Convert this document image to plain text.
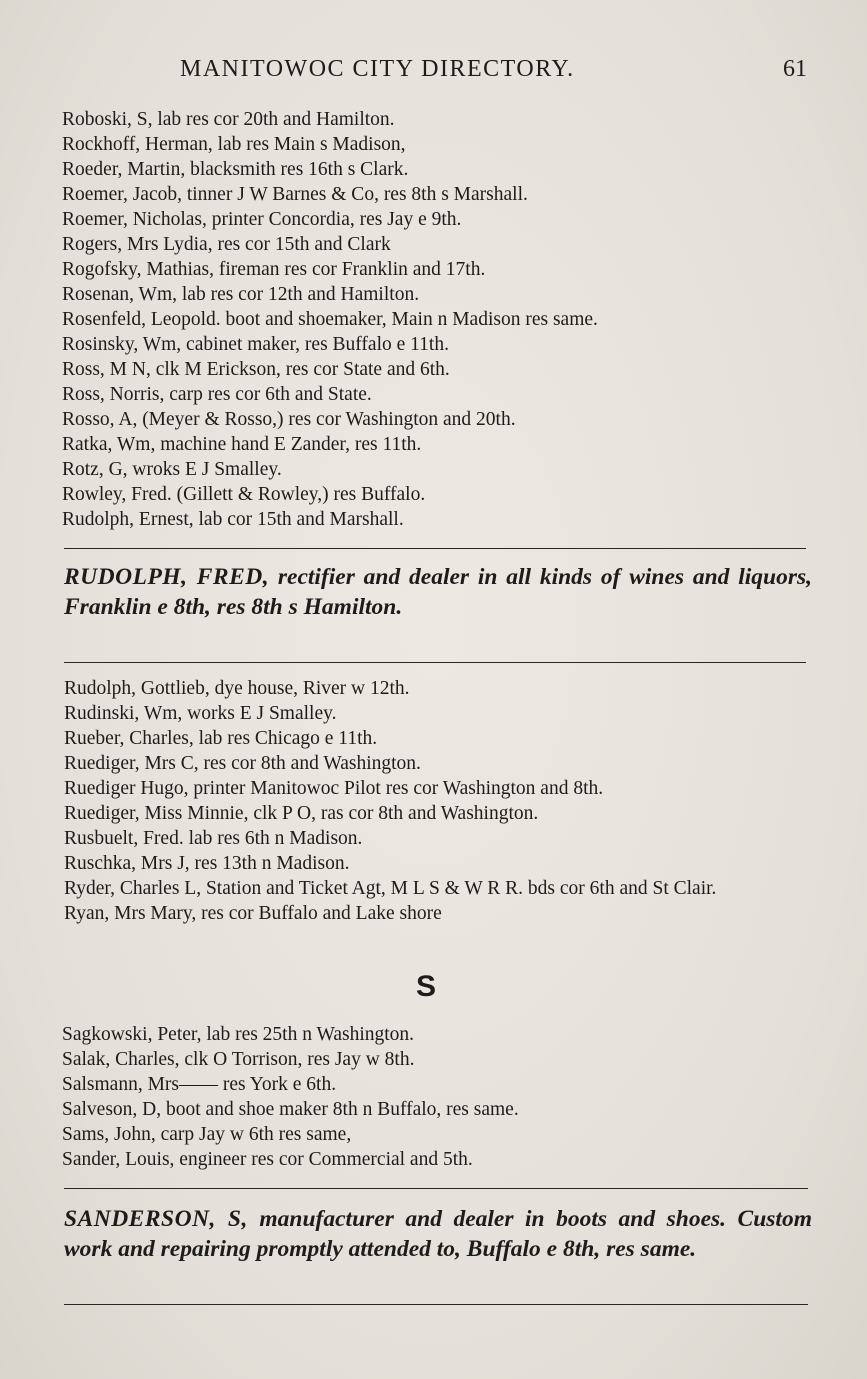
MANITOWOC CITY DIRECTORY.	61
Roboski, S, lab res cor 20th and Hamilton.
Rockhoff, Herman, lab res Main s Madison,
Roeder, Martin, blacksmith res 16th s Clark.
Roemer, Jacob, tinner J W Barnes & Co, res 8th s Marshall.
Roemer, Nicholas, printer Concordia, res Jay e 9th.
Rogers, Mrs Lydia, res cor 15th and Clark
Rogofsky, Mathias, fireman res cor Franklin and 17th.
Rosenan, Wm, lab res cor 12th and Hamilton.
Rosenfeld, Leopold. boot and shoemaker, Main n Madison res same.
Rosinsky, Wm, cabinet maker, res Buffalo e 11th.
Ross, M N, clk M Erickson, res cor State and 6th.
Ross, Norris, carp res cor 6th and State.
Rosso, A, (Meyer & Rosso,) res cor Washington and 20th.
Ratka, Wm, machine hand E Zander, res 11th.
Rotz, G, wroks E J Smalley.
Rowley, Fred. (Gillett & Rowley,) res Buffalo.
Rudolph, Ernest, lab cor 15th and Marshall.
RUDOLPH, FRED, rectifier and dealer in all kinds of wines and liquors, Franklin e 8th, res 8th s Hamilton.
Rudolph, Gottlieb, dye house, River w 12th.
Rudinski, Wm, works E J Smalley.
Rueber, Charles, lab res Chicago e 11th.
Ruediger, Mrs C, res cor 8th and Washington.
Ruediger Hugo, printer Manitowoc Pilot res cor Washington and 8th.
Ruediger, Miss Minnie, clk P O, ras cor 8th and Washington.
Rusbuelt, Fred. lab res 6th n Madison.
Ruschka, Mrs J, res 13th n Madison.
Ryder, Charles L, Station and Ticket Agt, M L S & W R R. bds cor 6th and St Clair.
Ryan, Mrs Mary, res cor Buffalo and Lake shore
S
Sagkowski, Peter, lab res 25th n Washington.
Salak, Charles, clk O Torrison, res Jay w 8th.
Salsmann, Mrs—— res York e 6th.
Salveson, D, boot and shoe maker 8th n Buffalo, res same.
Sams, John, carp Jay w 6th res same,
Sander, Louis, engineer res cor Commercial and 5th.
SANDERSON, S, manufacturer and dealer in boots and shoes. Custom work and repairing promptly attended to, Buffalo e 8th, res same.
